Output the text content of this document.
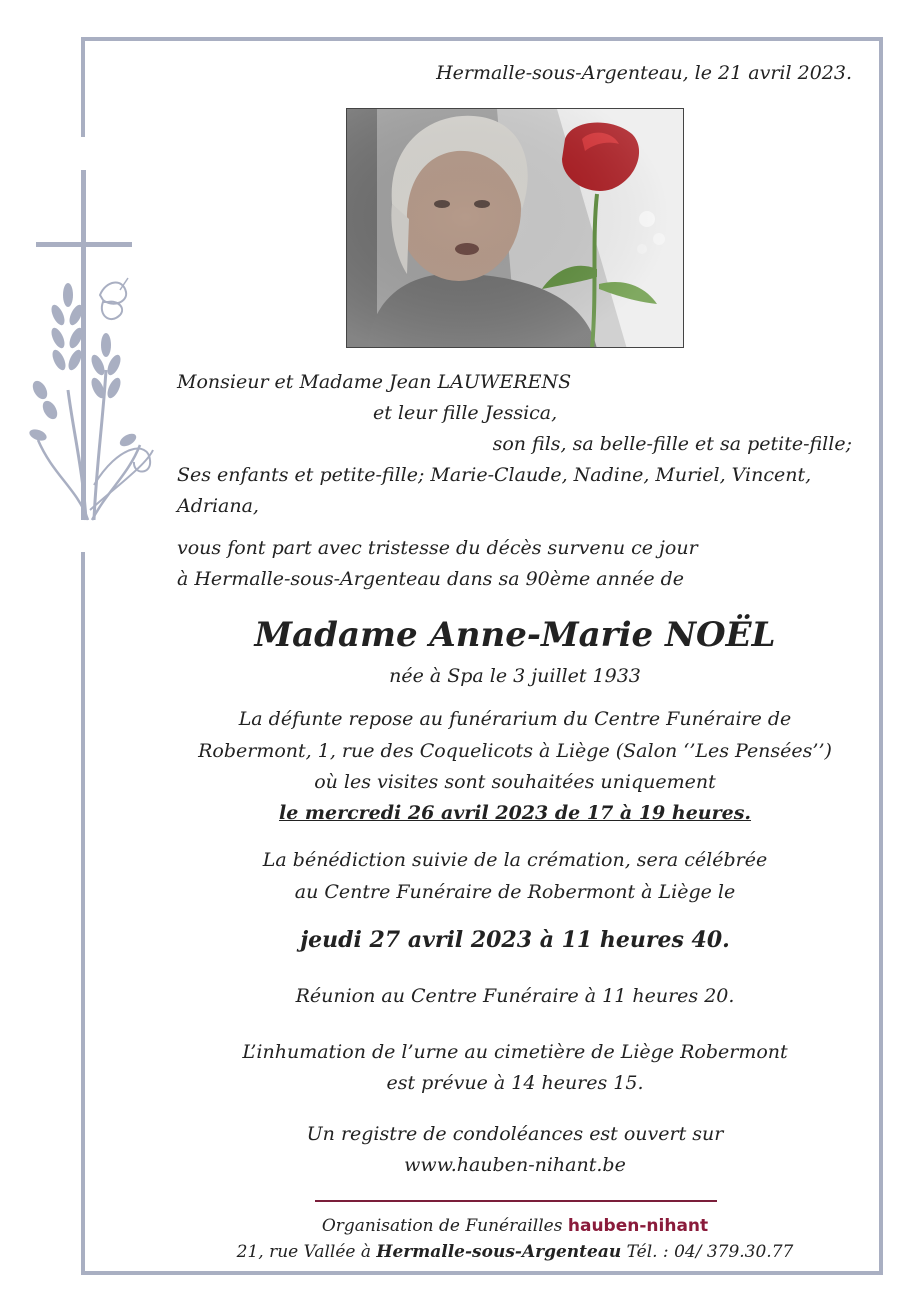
Hermalle-sous-Argenteau, le 21 avril 2023.
Monsieur et Madame Jean LAUWERENS
et leur fille Jessica,
son fils, sa belle-fille et sa petite-fille;
Ses enfants et petite-fille; Marie-Claude, Nadine, Muriel, Vincent,
Adriana,
vous font part avec tristesse du décès survenu ce jour
à Hermalle-sous-Argenteau dans sa 90ème année de
Madame Anne-Marie NOËL
née à Spa le 3 juillet 1933
La défunte repose au funérarium du Centre Funéraire de
Robermont, 1, rue des Coquelicots à Liège (Salon ‘’Les Pensées’’)
où les visites sont souhaitées uniquement
le mercredi 26 avril 2023 de 17 à 19 heures.
La bénédiction suivie de la crémation, sera célébrée
au Centre Funéraire de Robermont à Liège le
jeudi 27 avril 2023 à 11 heures 40.
Réunion au Centre Funéraire à 11 heures 20.
L’inhumation de l’urne au cimetière de Liège Robermont
est prévue à 14 heures 15.
Un registre de condoléances est ouvert sur
www.hauben-nihant.be
Organisation de Funérailles hauben-nihant
21, rue Vallée à Hermalle-sous-Argenteau Tél. : 04/ 379.30.77
